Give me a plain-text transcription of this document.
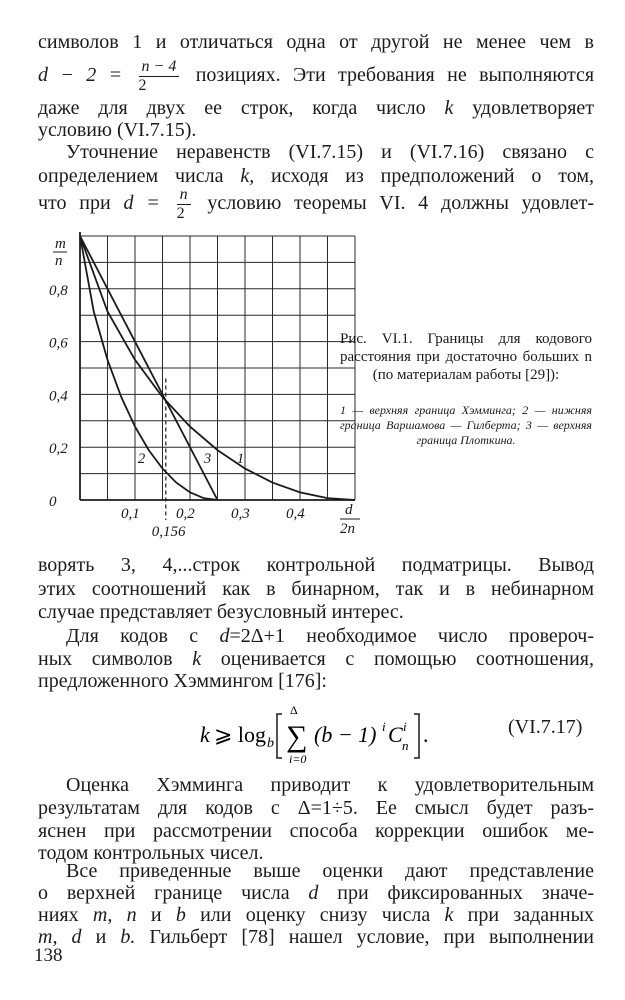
символов 1 и отличаться одна от другой не менее чем в
$d - 2 = \frac{n - 4}{2}$ позициях. Эти требования не выполняются
даже для двух ее строк, когда число k удовлетворяет
условию (VI.7.15).
Уточнение неравенств (VI.7.15) и (VI.7.16) связано с
определением числа k, исходя из предположений о том,
что при $d = \frac{n}{2}$ условию теоремы VI. 4 должны удовлет-
0
0,2
0,4
0,6
0,8
0,1
0,156
0,2 0,3 0,4
m
n
d
2n
1
2	3
Рис. VI.1. Границы для кодового расстояния при достаточно больших n (по материалам работы [29]):
1 — верхняя граница Хэмминга; 2 — нижняя граница Варшамова — Гилберта; 3 — верхняя граница Плоткина.
ворять 3, 4,...строк контрольной подматрицы. Вывод
этих соотношений как в бинарном, так и в небинарном
случае представляет безусловный интерес.
Для кодов с d=2Δ+1 необходимое число провероч-
ных символов k оценивается с помощью соотношения,
предложенного Хэммингом [176]:
k ⩾ log b
Δ
∑
i=0
(b − 1) i C i
n .	(VI.7.17)
Оценка Хэмминга приводит к удовлетворительным
результатам для кодов с Δ=1÷5. Ее смысл будет разъ-
яснен при рассмотрении способа коррекции ошибок ме-
тодом контрольных чисел.
Все приведенные выше оценки дают представление
о верхней границе числа d при фиксированных значе-
ниях m, n и b или оценку снизу числа k при заданных
m, d и b. Гильберт [78] нашел условие, при выполнении
138
